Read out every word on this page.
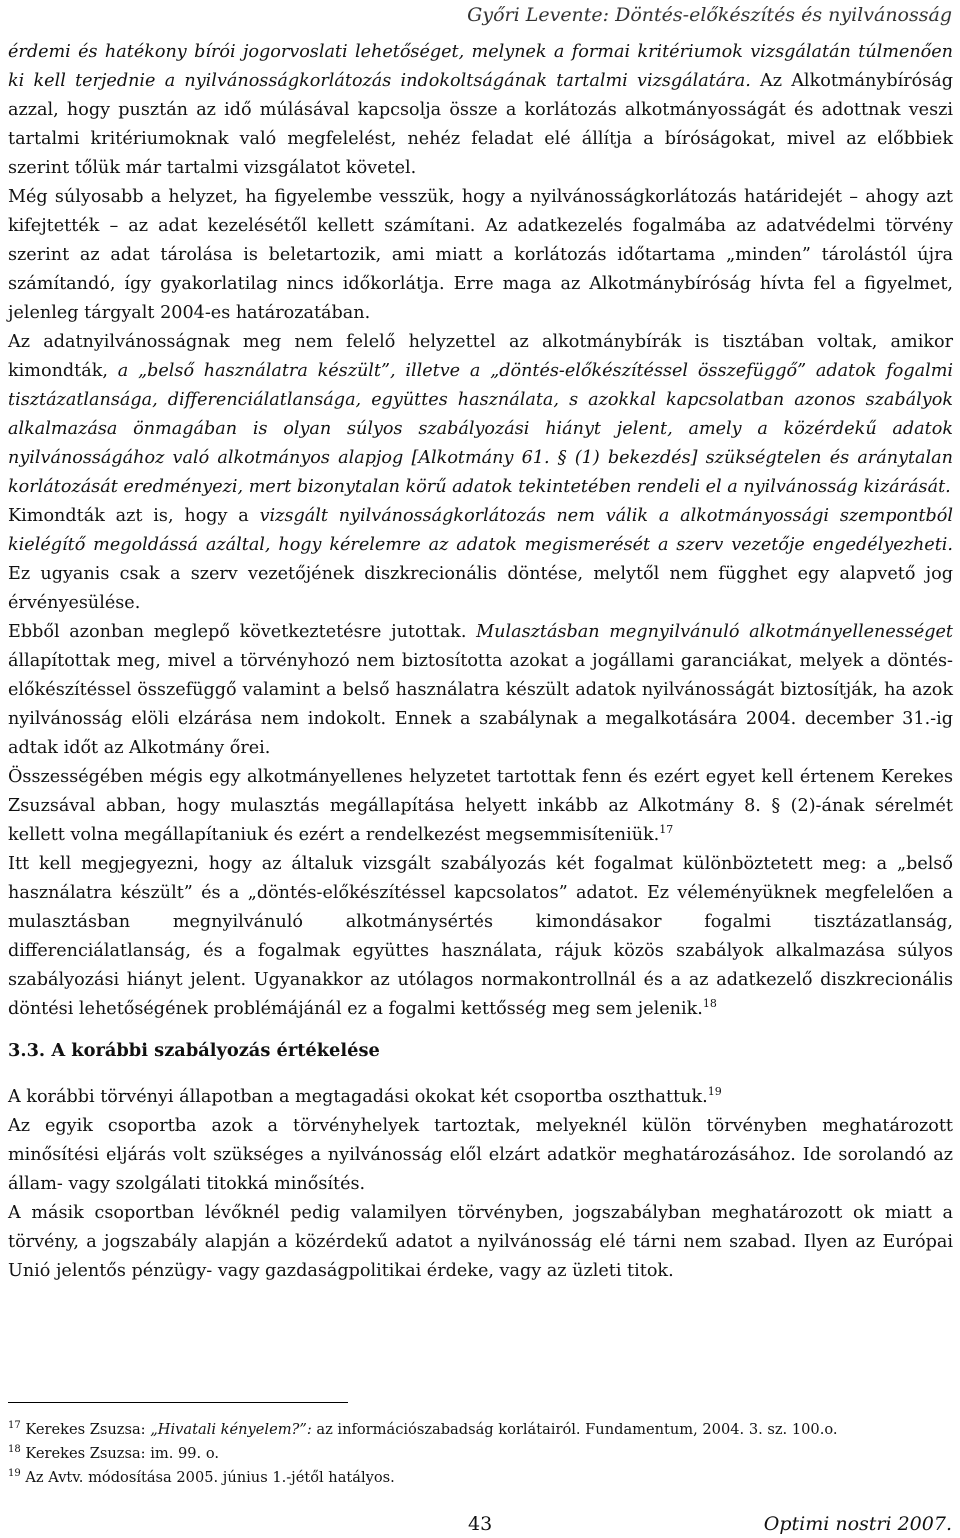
Győri Levente: Döntés-előkészítés és nyilvánosság

érdemi és hatékony bírói jogorvoslati lehetőséget, melynek a formai kritériumok vizsgálatán túlmenően ki kell terjednie a nyilvánosságkorlátozás indokoltságának tartalmi vizsgálatára. Az Alkotmánybíróság azzal, hogy pusztán az idő múlásával kapcsolja össze a korlátozás alkotmányosságát és adottnak veszi tartalmi kritériumoknak való megfelelést, nehéz feladat elé állítja a bíróságokat, mivel az előbbiek szerint tőlük már tartalmi vizsgálatot követel.

Még súlyosabb a helyzet, ha figyelembe vesszük, hogy a nyilvánosságkorlátozás határidejét – ahogy azt kifejtették – az adat kezelésétől kellett számítani. Az adatkezelés fogalmába az adatvédelmi törvény szerint az adat tárolása is beletartozik, ami miatt a korlátozás időtartama „minden” tárolástól újra számítandó, így gyakorlatilag nincs időkorlátja. Erre maga az Alkotmánybíróság hívta fel a figyelmet, jelenleg tárgyalt 2004-es határozatában.

Az adatnyilvánosságnak meg nem felelő helyzettel az alkotmánybírák is tisztában voltak, amikor kimondták, a „belső használatra készült”, illetve a „döntés-előkészítéssel összefüggő” adatok fogalmi tisztázatlansága, differenciálatlansága, együttes használata, s azokkal kapcsolatban azonos szabályok alkalmazása önmagában is olyan súlyos szabályozási hiányt jelent, amely a közérdekű adatok nyilvánosságához való alkotmányos alapjog [Alkotmány 61. § (1) bekezdés] szükségtelen és aránytalan korlátozását eredményezi, mert bizonytalan körű adatok tekintetében rendeli el a nyilvánosság kizárását.

Kimondták azt is, hogy a vizsgált nyilvánosságkorlátozás nem válik a alkotmányossági szempontból kielégítő megoldássá azáltal, hogy kérelemre az adatok megismerését a szerv vezetője engedélyezheti. Ez ugyanis csak a szerv vezetőjének diszkrecionális döntése, melytől nem függhet egy alapvető jog érvényesülése.

Ebből azonban meglepő következtetésre jutottak. Mulasztásban megnyilvánuló alkotmányellenességet állapítottak meg, mivel a törvényhozó nem biztosította azokat a jogállami garanciákat, melyek a döntés-előkészítéssel összefüggő valamint a belső használatra készült adatok nyilvánosságát biztosítják, ha azok nyilvánosság elöli elzárása nem indokolt. Ennek a szabálynak a megalkotására 2004. december 31.-ig adtak időt az Alkotmány őrei.

Összességében mégis egy alkotmányellenes helyzetet tartottak fenn és ezért egyet kell értenem Kerekes Zsuzsával abban, hogy mulasztás megállapítása helyett inkább az Alkotmány 8. § (2)-ának sérelmét kellett volna megállapítaniuk és ezért a rendelkezést megsemmisíteniük.$^{17}$

Itt kell megjegyezni, hogy az általuk vizsgált szabályozás két fogalmat különböztetett meg: a „belső használatra készült” és a „döntés-előkészítéssel kapcsolatos” adatot. Ez véleményüknek megfelelően a mulasztásban megnyilvánuló alkotmánysértés kimondásakor fogalmi tisztázatlanság, differenciálatlanság, és a fogalmak együttes használata, rájuk közös szabályok alkalmazása súlyos szabályozási hiányt jelent. Ugyanakkor az utólagos normakontrollnál és a az adatkezelő diszkrecionális döntési lehetőségének problémájánál ez a fogalmi kettősség meg sem jelenik.$^{18}$

3.3. A korábbi szabályozás értékelése

A korábbi törvényi állapotban a megtagadási okokat két csoportba oszthattuk.$^{19}$

Az egyik csoportba azok a törvényhelyek tartoztak, melyeknél külön törvényben meghatározott minősítési eljárás volt szükséges a nyilvánosság elől elzárt adatkör meghatározásához. Ide sorolandó az állam- vagy szolgálati titokká minősítés.

A másik csoportban lévőknél pedig valamilyen törvényben, jogszabályban meghatározott ok miatt a törvény, a jogszabály alapján a közérdekű adatot a nyilvánosság elé tárni nem szabad. Ilyen az Európai Unió jelentős pénzügy- vagy gazdaságpolitikai érdeke, vagy az üzleti titok.

$^{17}$ Kerekes Zsuzsa: „Hivatali kényelem?”: az információszabadság korlátairól. Fundamentum, 2004. 3. sz. 100.o.
$^{18}$ Kerekes Zsuzsa: im. 99. o.
$^{19}$ Az Avtv. módosítása 2005. június 1.-jétől hatályos.
43	Optimi nostri 2007.
